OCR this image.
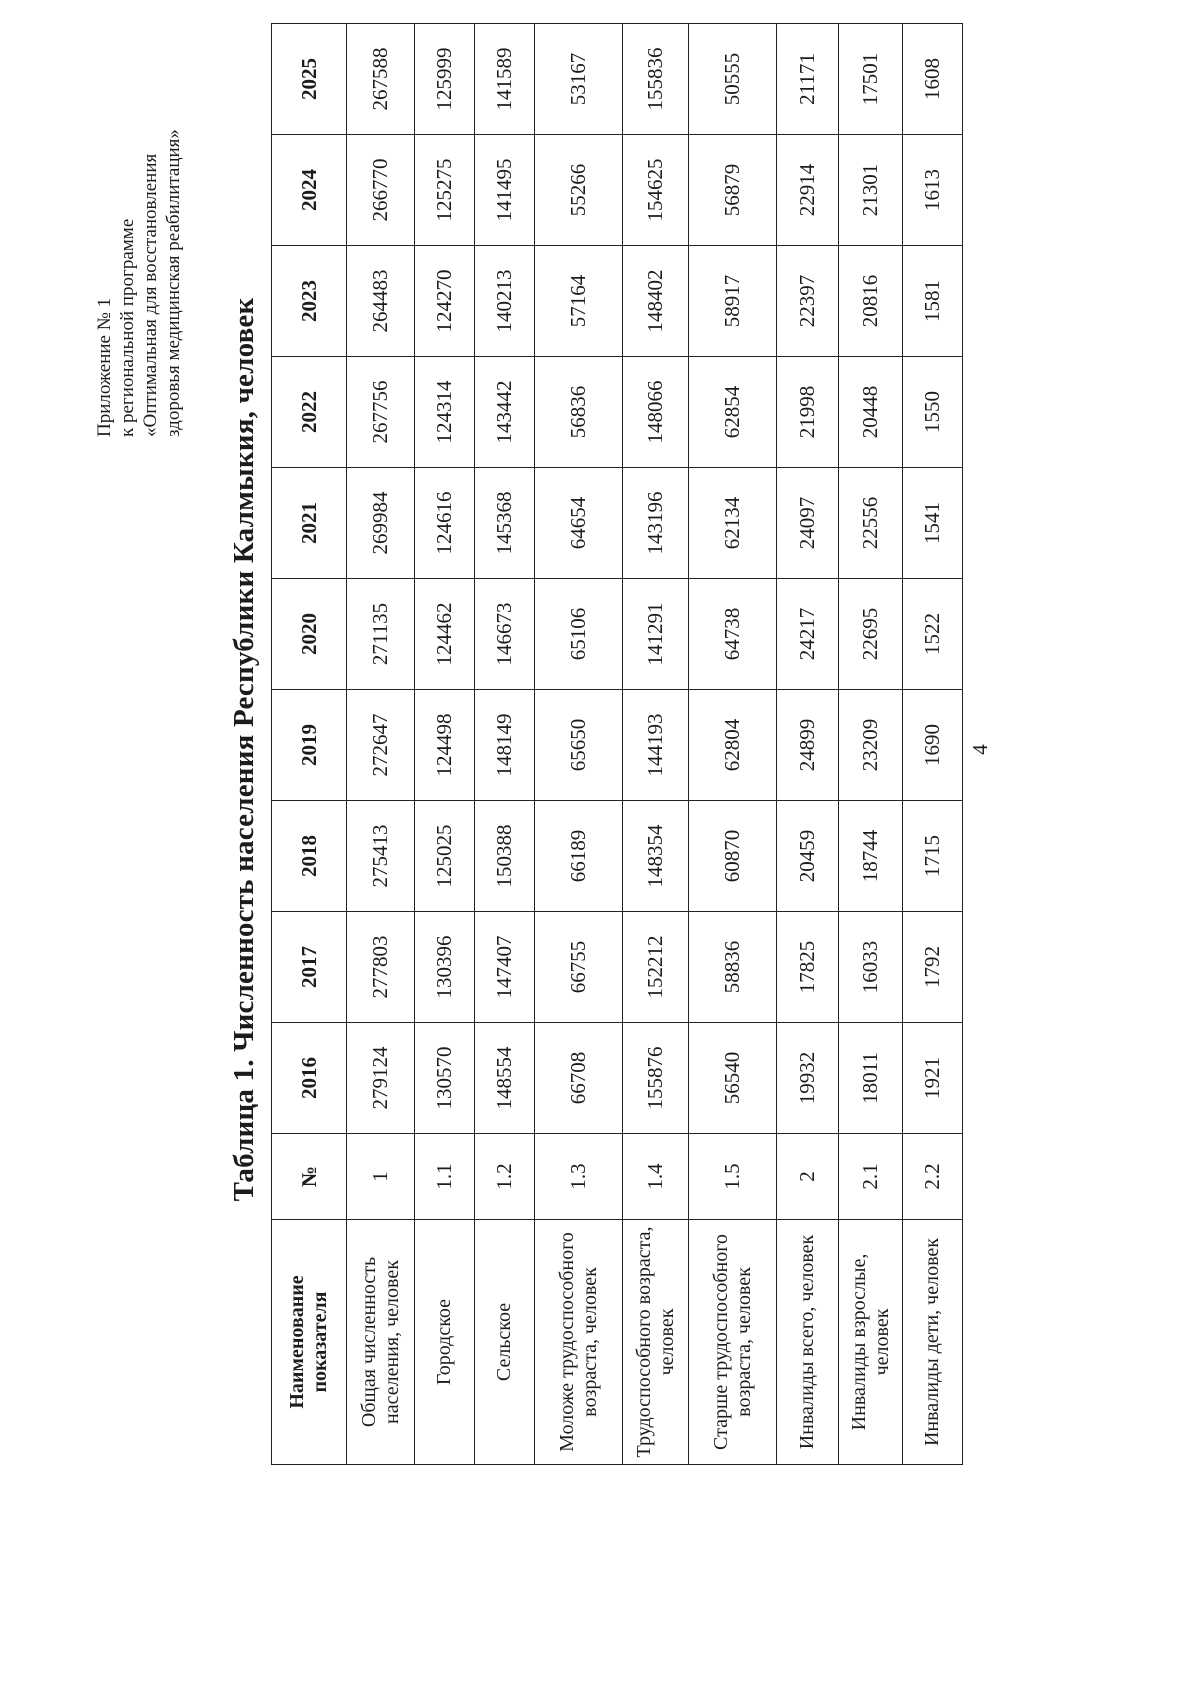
Приложение № 1 к региональной программе «Оптимальная для восстановления здоровья медицинская реабилитация»
Таблица 1. Численность населения Республики Калмыкия, человек
Наименование показателя	№	2016	2017	2018	2019	2020	2021	2022	2023	2024	2025
Общая численность населения, человек	1	279124	277803	275413	272647	271135	269984	267756	264483	266770	267588
Городское	1.1	130570	130396	125025	124498	124462	124616	124314	124270	125275	125999
Сельское	1.2	148554	147407	150388	148149	146673	145368	143442	140213	141495	141589
Моложе трудоспособного возраста, человек	1.3	66708	66755	66189	65650	65106	64654	56836	57164	55266	53167
Трудоспособного возраста, человек	1.4	155876	152212	148354	144193	141291	143196	148066	148402	154625	155836
Старше трудоспособного возраста, человек	1.5	56540	58836	60870	62804	64738	62134	62854	58917	56879	50555
Инвалиды всего, человек	2	19932	17825	20459	24899	24217	24097	21998	22397	22914	21171
Инвалиды взрослые, человек	2.1	18011	16033	18744	23209	22695	22556	20448	20816	21301	17501
Инвалиды дети, человек	2.2	1921	1792	1715	1690	1522	1541	1550	1581	1613	1608
4
